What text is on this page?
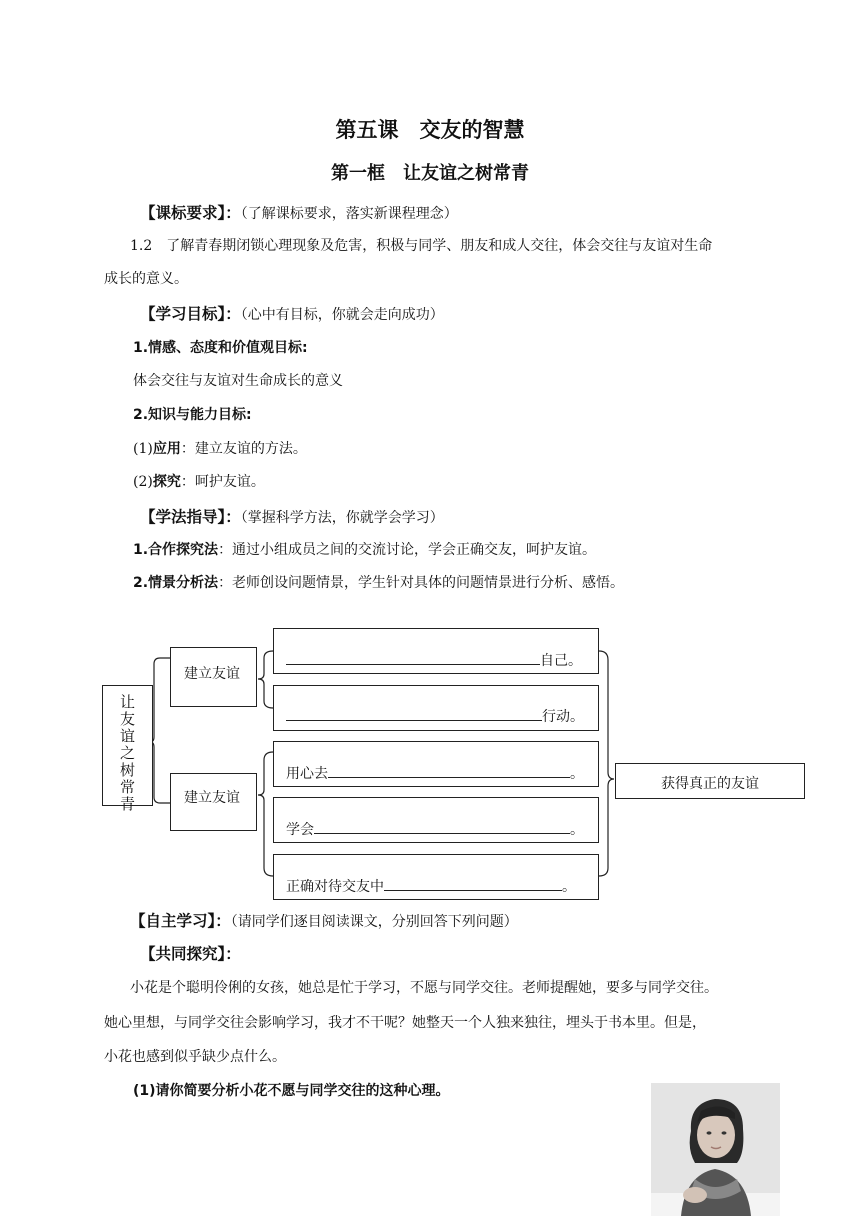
第五课　交友的智慧
第一框　让友谊之树常青
【课标要求】：（了解课标要求，落实新课程理念）
1.2　了解青春期闭锁心理现象及危害，积极与同学、朋友和成人交往，体会交往与友谊对生命
成长的意义。
【学习目标】：（心中有目标，你就会走向成功）
1.情感、态度和价值观目标:
体会交往与友谊对生命成长的意义
2.知识与能力目标:
(1)应用：建立友谊的方法。
(2)探究：呵护友谊。
【学法指导】：（掌握科学方法，你就学会学习）
1.合作探究法：通过小组成员之间的交流讨论，学会正确交友，呵护友谊。
2.情景分析法：老师创设问题情景，学生针对具体的问题情景进行分析、感悟。
让友谊之树常青
建立友谊
建立友谊
自己。
行动。
用心去	。
学会	。
正确对待交友中	。
获得真正的友谊
【自主学习】：（请同学们逐目阅读课文，分别回答下列问题）
【共同探究】：
小花是个聪明伶俐的女孩，她总是忙于学习，不愿与同学交往。老师提醒她，要多与同学交往。
她心里想，与同学交往会影响学习，我才不干呢？她整天一个人独来独往，埋头于书本里。但是，
小花也感到似乎缺少点什么。
(1)请你简要分析小花不愿与同学交往的这种心理。
